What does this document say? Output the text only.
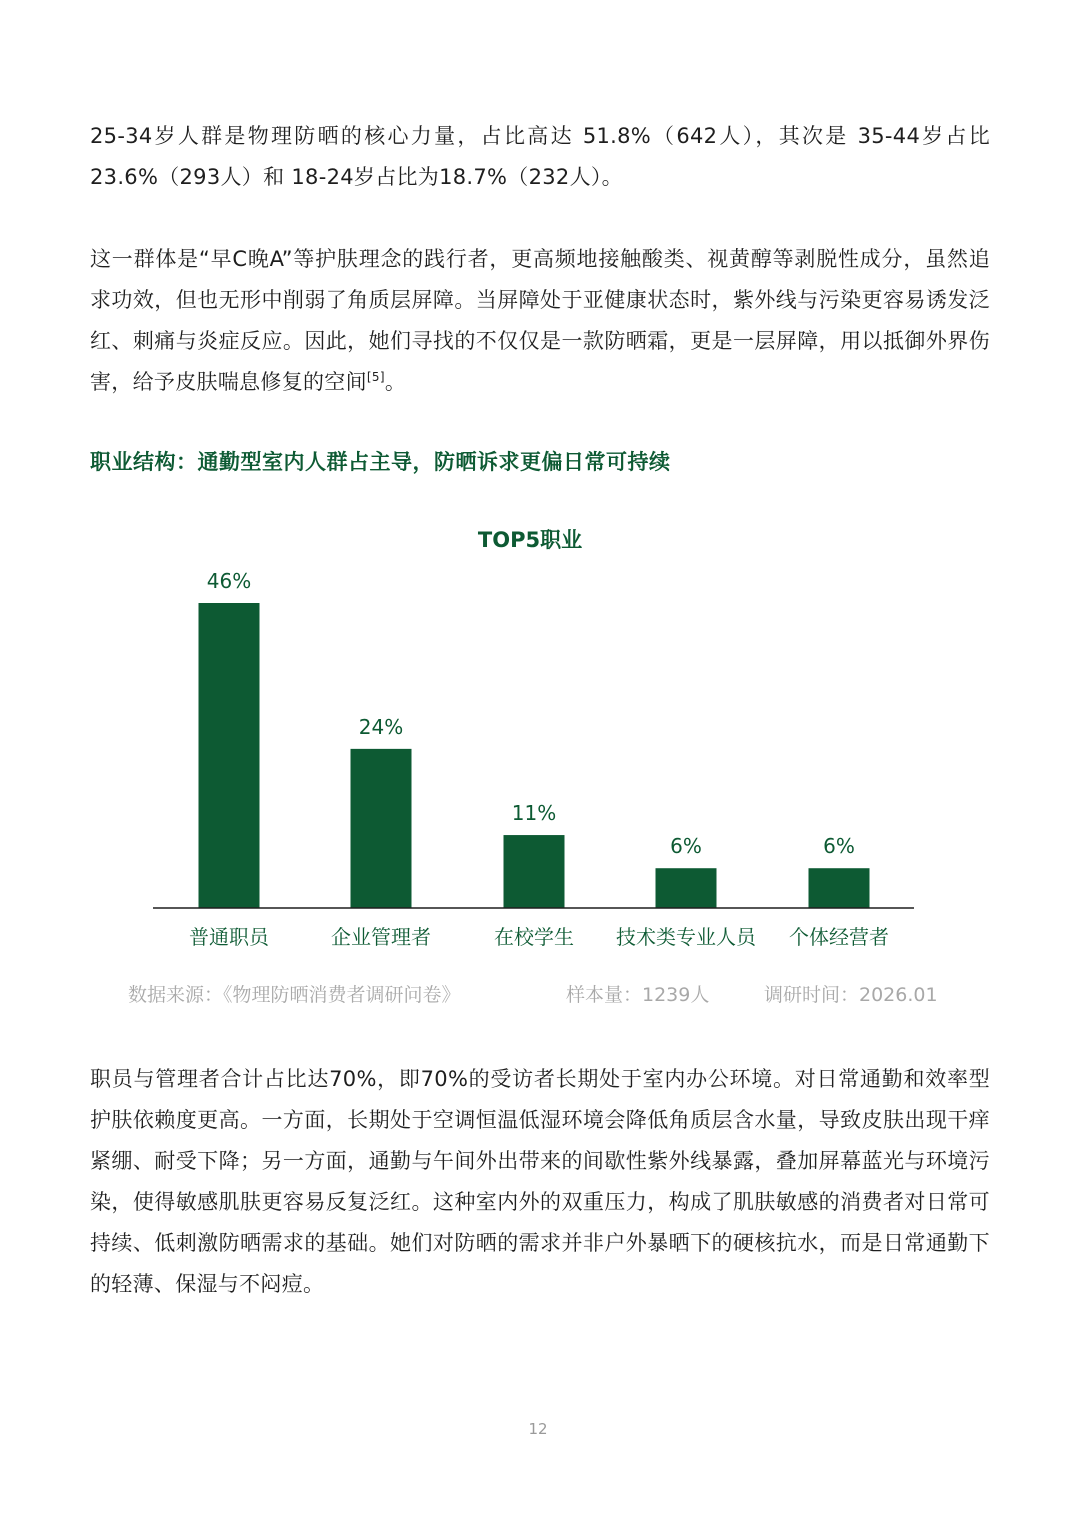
25-34岁人群是物理防晒的核心力量，占比高达 51.8%（642人），其次是 35-44岁占比23.6%（293人）和 18-24岁占比为18.7%（232人）。

这一群体是“早C晚A”等护肤理念的践行者，更高频地接触酸类、视黄醇等剥脱性成分，虽然追求功效，但也无形中削弱了角质层屏障。当屏障处于亚健康状态时，紫外线与污染更容易诱发泛红、刺痛与炎症反应。因此，她们寻找的不仅仅是一款防晒霜，更是一层屏障，用以抵御外界伤害，给予皮肤喘息修复的空间[5]。

职业结构：通勤型室内人群占主导，防晒诉求更偏日常可持续
TOP5职业
46%
普通职员
24%
企业管理者
11%
在校学生
6%
技术类专业人员
6%
个体经营者
数据来源：《物理防晒消费者调研问卷》	样本量：1239人	调研时间：2026.01

职员与管理者合计占比达70%，即70%的受访者长期处于室内办公环境。对日常通勤和效率型护肤依赖度更高。一方面，长期处于空调恒温低湿环境会降低角质层含水量，导致皮肤出现干痒紧绷、耐受下降；另一方面，通勤与午间外出带来的间歇性紫外线暴露，叠加屏幕蓝光与环境污染，使得敏感肌肤更容易反复泛红。这种室内外的双重压力，构成了肌肤敏感的消费者对日常可持续、低刺激防晒需求的基础。她们对防晒的需求并非户外暴晒下的硬核抗水，而是日常通勤下的轻薄、保湿与不闷痘。

12
